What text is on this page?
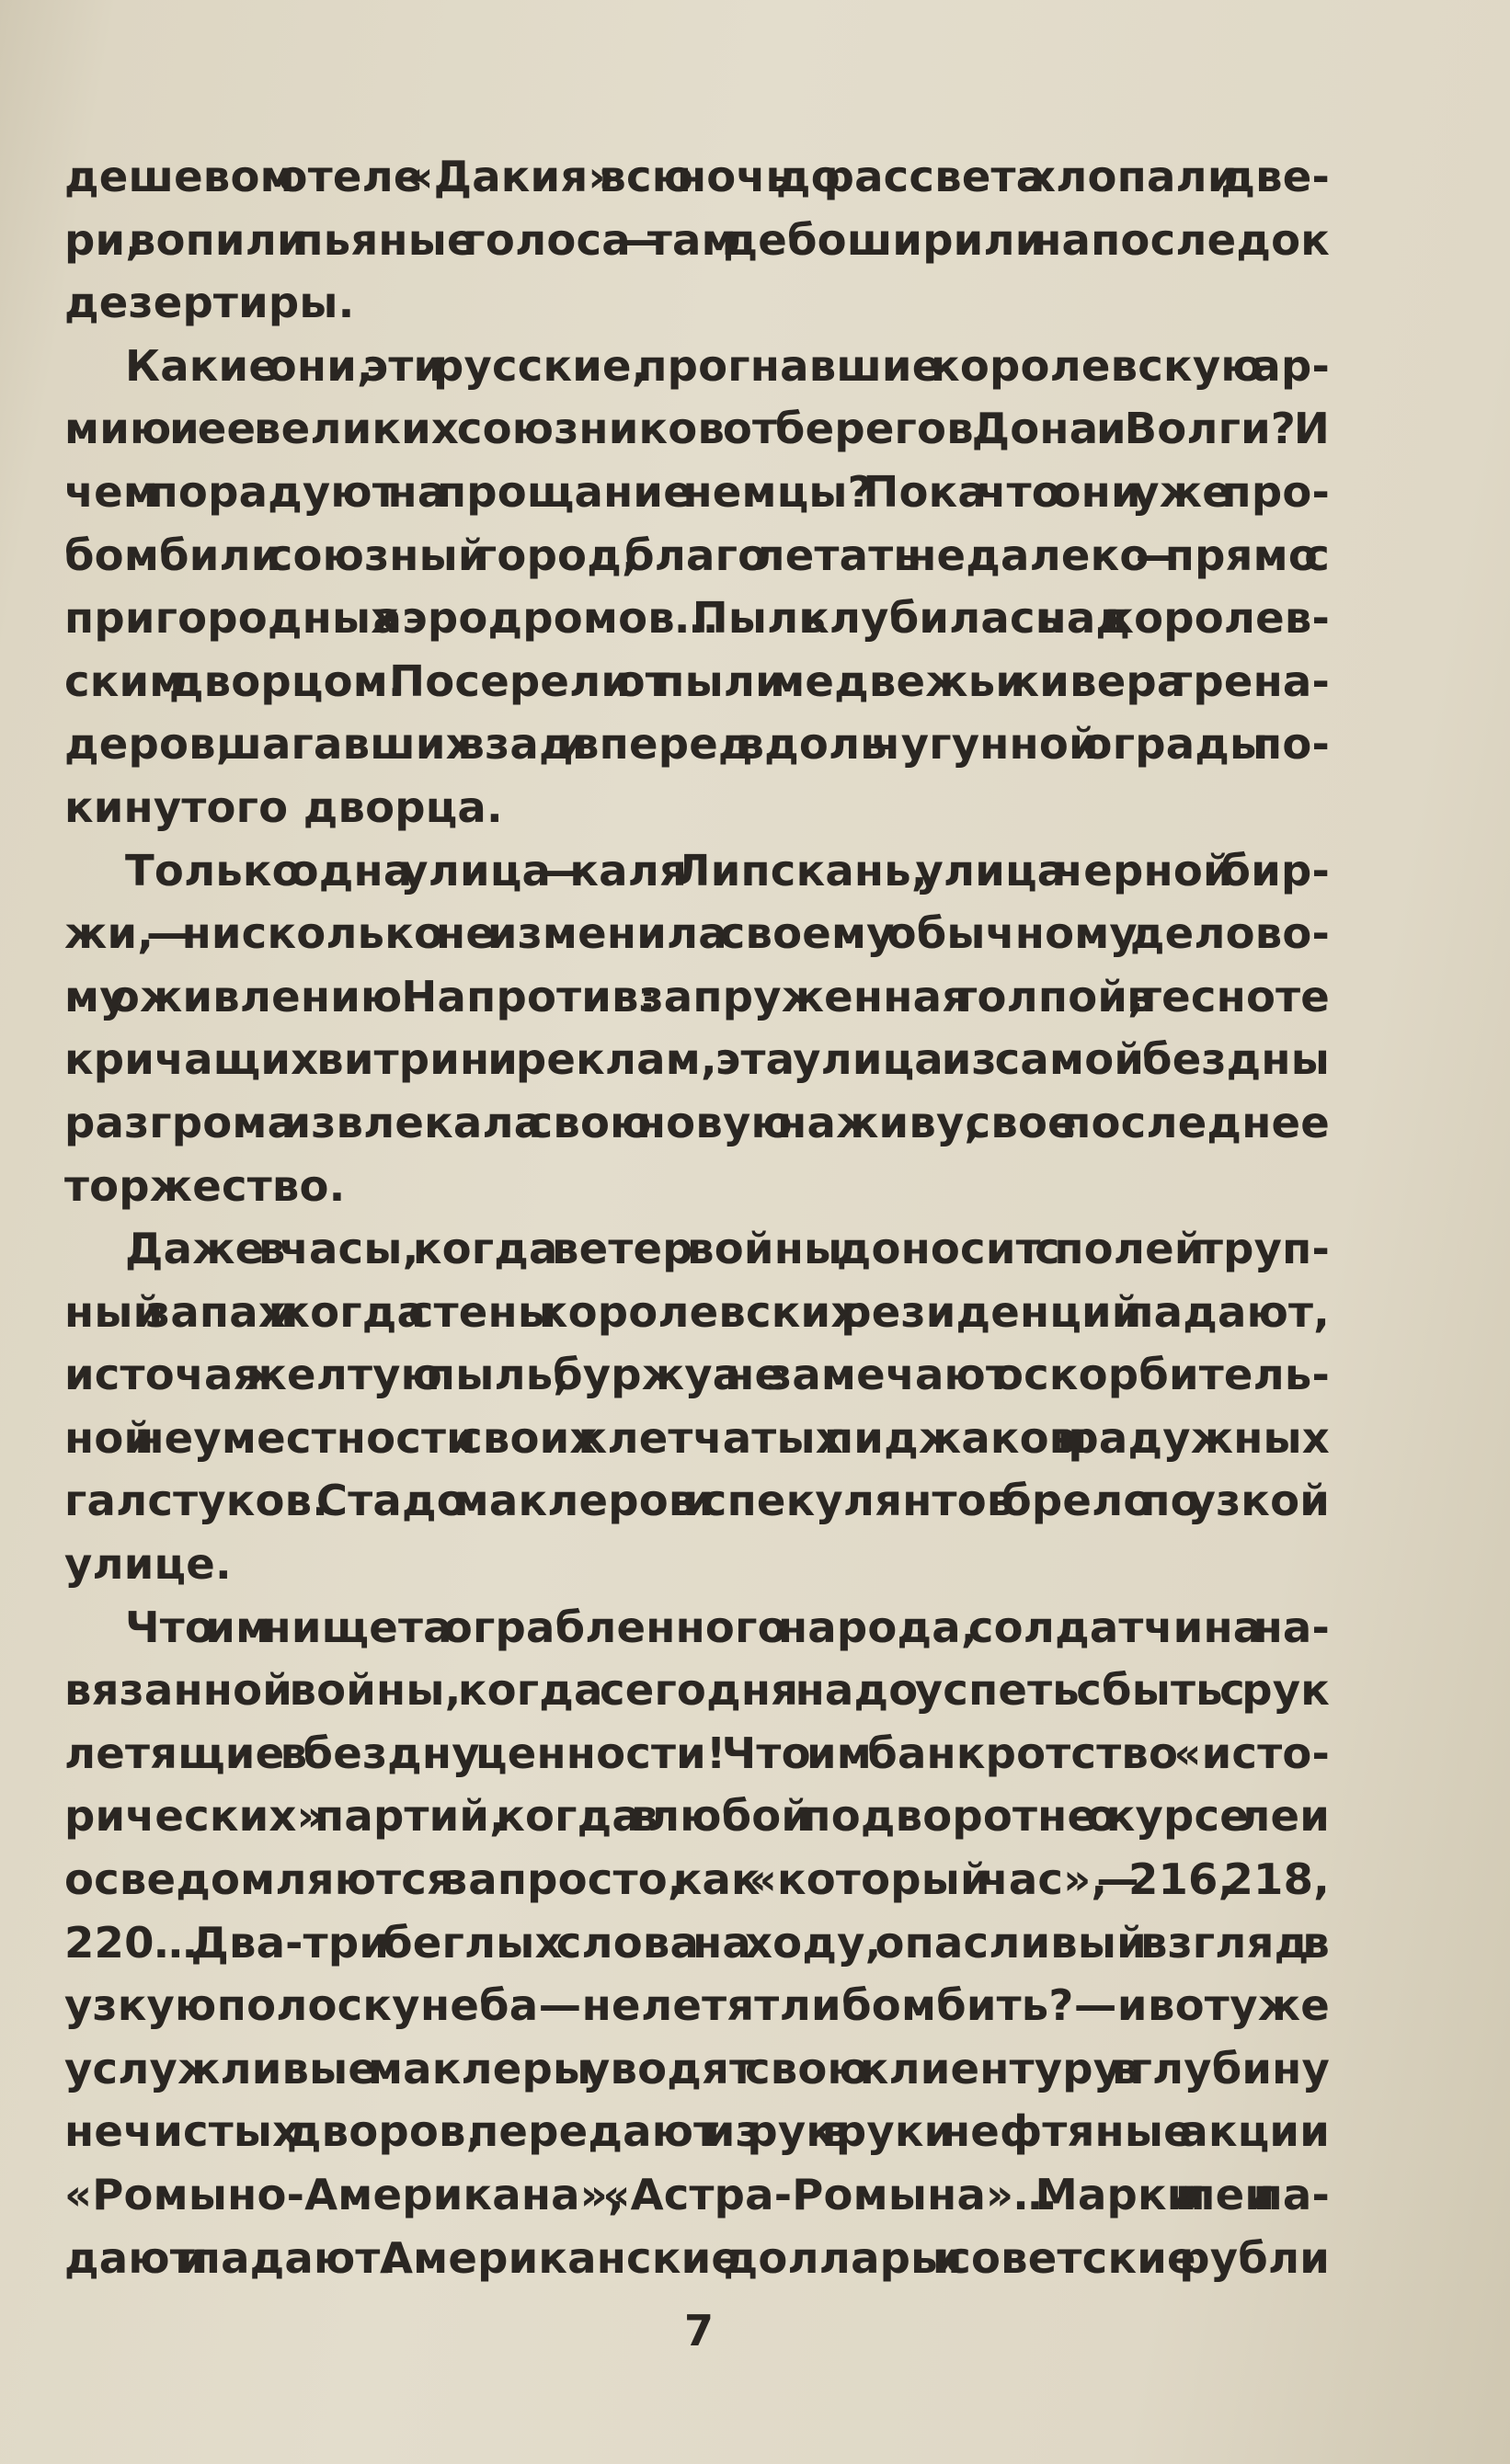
дешевом отеле «Дакия» всю ночь до рассвета хлопали две-
ри, вопили пьяные голоса — там дебоширили напоследок
дезертиры.
Какие они, эти русские, прогнавшие королевскую ар-
мию и ее великих союзников от берегов Дона и Волги? И
чем порадуют на прощание немцы? Пока что они уже про-
бомбили союзный город, благо летать недалеко — прямо с
пригородных аэродромов… Пыль клубилась над королев-
ским дворцом. Посерели от пыли медвежьи кивера грена-
деров, шагавших взад и вперед вдоль чугунной ограды по-
кинутого дворца.
Только одна улица — каля Липскань, улица черной бир-
жи, — нисколько не изменила своему обычному делово-
му оживлению. Напротив: запруженная толпой, в тесноте
кричащих витрин и реклам, эта улица из самой бездны
разгрома извлекала свою новую наживу, свое последнее
торжество.
Даже в часы, когда ветер войны доносит с полей труп-
ный запах и когда стены королевских резиденций падают,
источая желтую пыль, буржуа не замечают оскорбитель-
ной неуместности своих клетчатых пиджаков и радужных
галстуков. Стадо маклеров и спекулянтов брело по узкой
улице.
Что им нищета ограбленного народа, солдатчина на-
вязанной войны, когда сегодня надо успеть сбыть с рук
летящие в бездну ценности! Что им банкротство «исто-
рических» партий, когда в любой подворотне о курсе леи
осведомляются запросто, как «который час», — 216, 218,
220… Два-три беглых слова на ходу, опасливый взгляд в
узкую полоску неба — не летят ли бомбить? — и вот уже
услужливые маклеры уводят свою клиентуру в глубину
нечистых дворов, передают из рук в руки нефтяные акции
«Ромыно-Американа», «Астра-Ромына»… Марки и леи па-
дают и падают. Американские доллары и советские рубли
7
